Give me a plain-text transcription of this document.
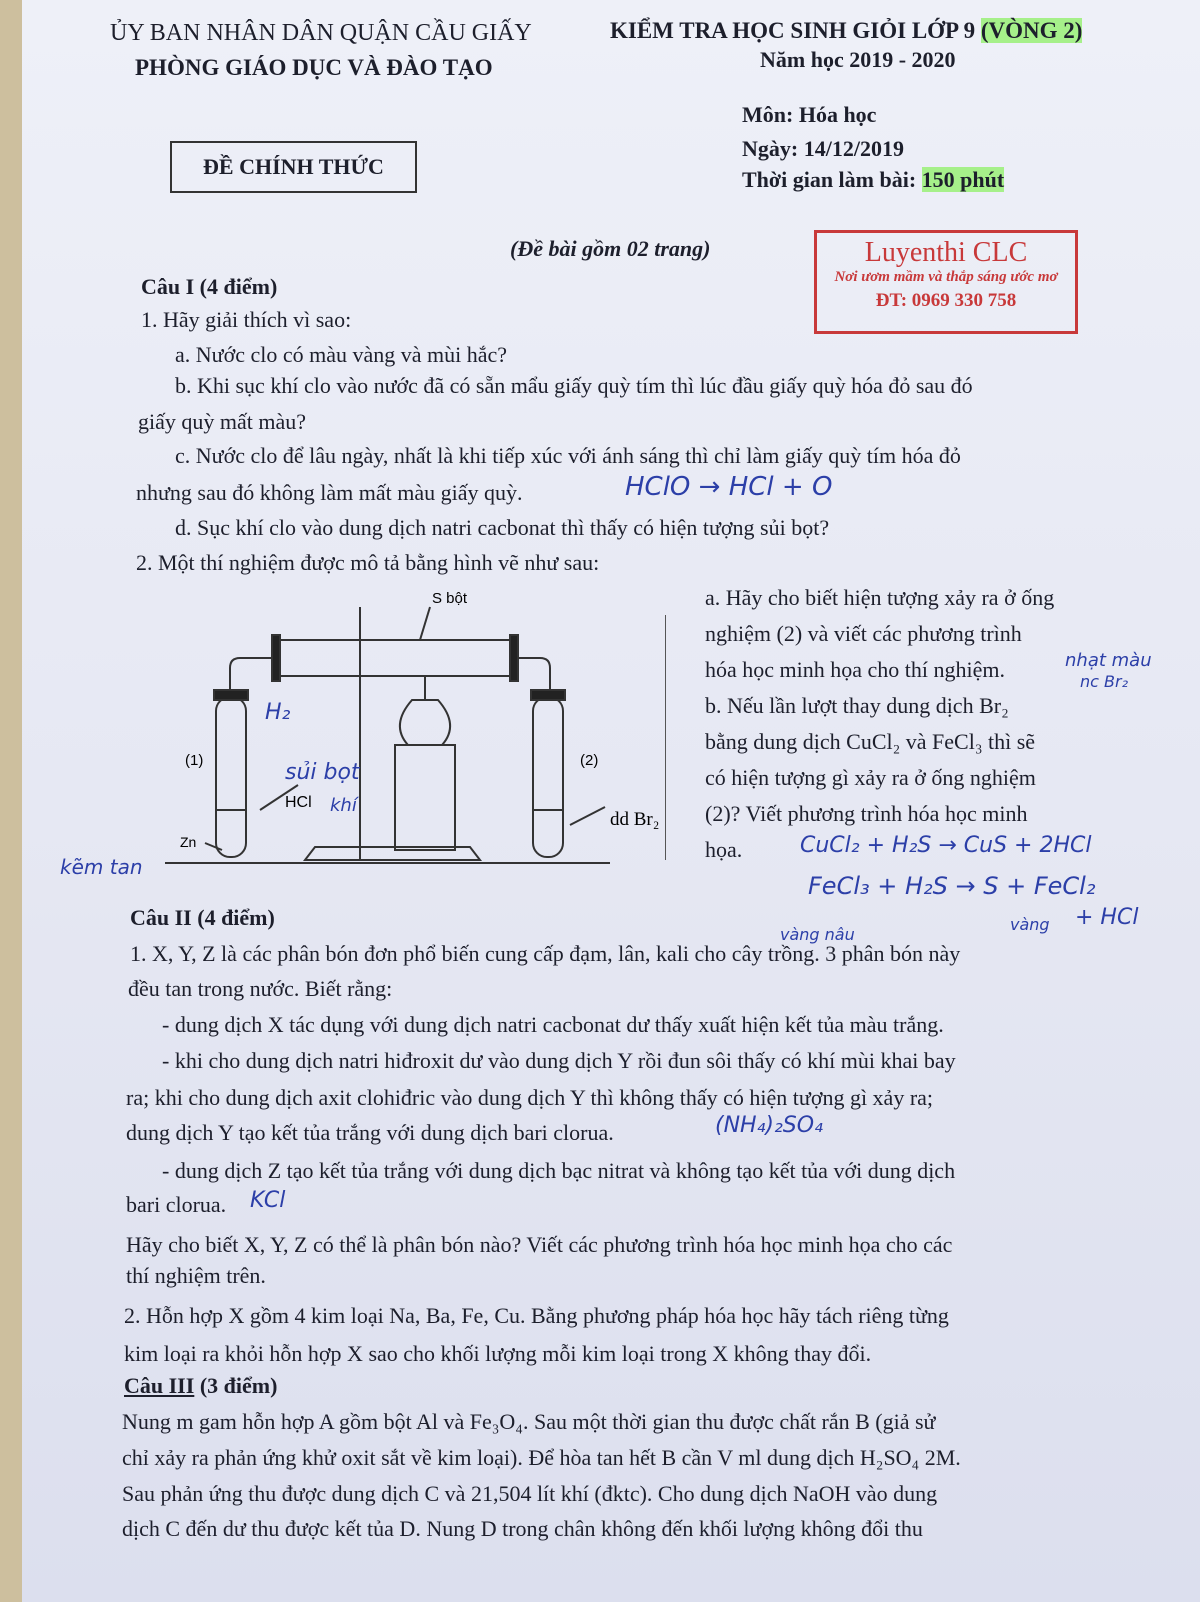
ỦY BAN NHÂN DÂN QUẬN CẦU GIẤY
PHÒNG GIÁO DỤC VÀ ĐÀO TẠO
KIỂM TRA HỌC SINH GIỎI LỚP 9 (VÒNG 2)
Năm học 2019 - 2020
Môn: Hóa học
Ngày: 14/12/2019
Thời gian làm bài: 150 phút
ĐỀ CHÍNH THỨC
(Đề bài gồm 02 trang)	Luyenthi CLC
Nơi ươm mầm và thắp sáng ước mơ
ĐT: 0969 330 758
Câu I (4 điểm)
1. Hãy giải thích vì sao:
a. Nước clo có màu vàng và mùi hắc?
b. Khi sục khí clo vào nước đã có sẵn mẩu giấy quỳ tím thì lúc đầu giấy quỳ hóa đỏ sau đó
giấy quỳ mất màu?
c. Nước clo để lâu ngày, nhất là khi tiếp xúc với ánh sáng thì chỉ làm giấy quỳ tím hóa đỏ
nhưng sau đó không làm mất màu giấy quỳ.	HClO → HCl + O
d. Sục khí clo vào dung dịch natri cacbonat thì thấy có hiện tượng sủi bọt?
2. Một thí nghiệm được mô tả bằng hình vẽ như sau:
S bột
(1)	(2)
HCl
Zn
dd Br₂
H₂
sủi bọt
khí
kẽm tan
a. Hãy cho biết hiện tượng xảy ra ở ống
nghiệm (2) và viết các phương trình
hóa học minh họa cho thí nghiệm.
b. Nếu lần lượt thay dung dịch Br₂
bằng dung dịch CuCl₂ và FeCl₃ thì sẽ
có hiện tượng gì xảy ra ở ống nghiệm
(2)? Viết phương trình hóa học minh
họa.
nhạt màu
nc Br₂
CuCl₂ + H₂S → CuS + 2HCl
FeCl₃ + H₂S → S + FeCl₂
+ HCl
vàng
vàng nâu
Câu II (4 điểm)
1. X, Y, Z là các phân bón đơn phổ biến cung cấp đạm, lân, kali cho cây trồng. 3 phân bón này
đều tan trong nước. Biết rằng:
- dung dịch X tác dụng với dung dịch natri cacbonat dư thấy xuất hiện kết tủa màu trắng.
- khi cho dung dịch natri hiđroxit dư vào dung dịch Y rồi đun sôi thấy có khí mùi khai bay
ra; khi cho dung dịch axit clohiđric vào dung dịch Y thì không thấy có hiện tượng gì xảy ra;
dung dịch Y tạo kết tủa trắng với dung dịch bari clorua.	(NH₄)₂SO₄
- dung dịch Z tạo kết tủa trắng với dung dịch bạc nitrat và không tạo kết tủa với dung dịch
bari clorua. KCl
Hãy cho biết X, Y, Z có thể là phân bón nào? Viết các phương trình hóa học minh họa cho các
thí nghiệm trên.
2. Hỗn hợp X gồm 4 kim loại Na, Ba, Fe, Cu. Bằng phương pháp hóa học hãy tách riêng từng
kim loại ra khỏi hỗn hợp X sao cho khối lượng mỗi kim loại trong X không thay đổi.
Câu III (3 điểm)
Nung m gam hỗn hợp A gồm bột Al và Fe₃O₄. Sau một thời gian thu được chất rắn B (giả sử
chỉ xảy ra phản ứng khử oxit sắt về kim loại). Để hòa tan hết B cần V ml dung dịch H₂SO₄ 2M.
Sau phản ứng thu được dung dịch C và 21,504 lít khí (đktc). Cho dung dịch NaOH vào dung
dịch C đến dư thu được kết tủa D. Nung D trong chân không đến khối lượng không đổi thu
